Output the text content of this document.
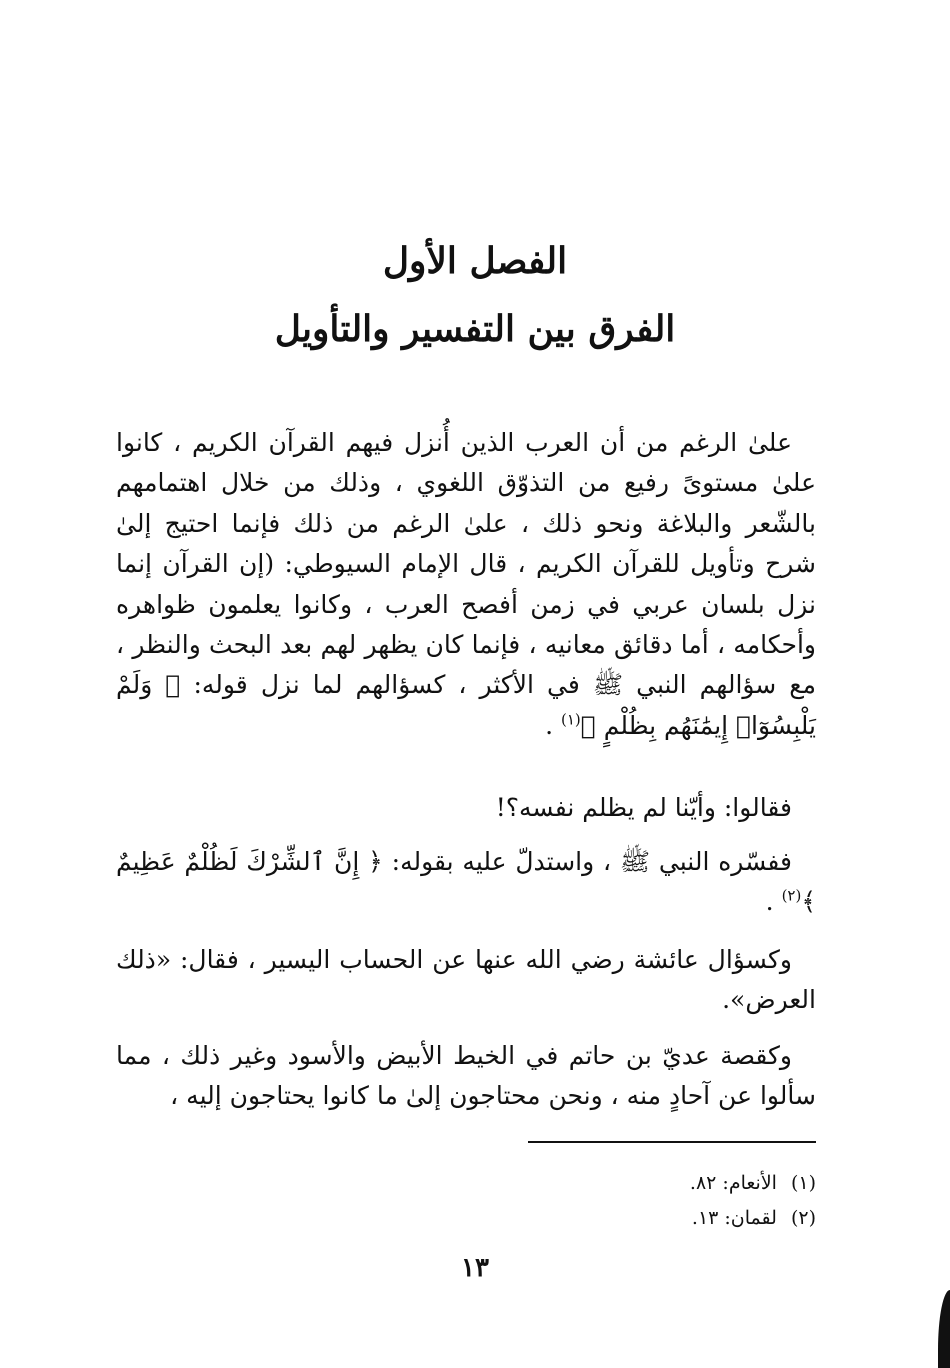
الفصل الأول
الفرق بين التفسير والتأويل
علىٰ الرغم من أن العرب الذين أُنزل فيهم القرآن الكريم ، كانوا علىٰ مستوىً رفيع من التذوّق اللغوي ، وذلك من خلال اهتمامهم بالشّعر والبلاغة ونحو ذلك ، علىٰ الرغم من ذلك فإنما احتيج إلىٰ شرح وتأويل للقرآن الكريم ، قال الإمام السيوطي: (إن القرآن إنما نزل بلسان عربي في زمن أفصح العرب ، وكانوا يعلمون ظواهره وأحكامه ، أما دقائق معانيه ، فإنما كان يظهر لهم بعد البحث والنظر ، مع سؤالهم النبي ﷺ في الأكثر ، كسؤالهم لما نزل قوله: ﴿ وَلَمْ يَلْبِسُوٓا۟ إِيمَٰنَهُم بِظُلْمٍ ﴾$^{(١)}$ .
فقالوا: وأيّنا لم يظلم نفسه؟!
ففسّره النبي ﷺ ، واستدلّ عليه بقوله: ﴿ إِنَّ ٱلشِّرْكَ لَظُلْمٌ عَظِيمٌ ﴾$^{(٢)}$ .
وكسؤال عائشة رضي الله عنها عن الحساب اليسير ، فقال: «ذلك العرض».
وكقصة عديّ بن حاتم في الخيط الأبيض والأسود وغير ذلك ، مما سألوا عن آحادٍ منه ، ونحن محتاجون إلىٰ ما كانوا يحتاجون إليه ،
(١)الأنعام: ٨٢.
(٢)لقمان: ١٣.
١٣
